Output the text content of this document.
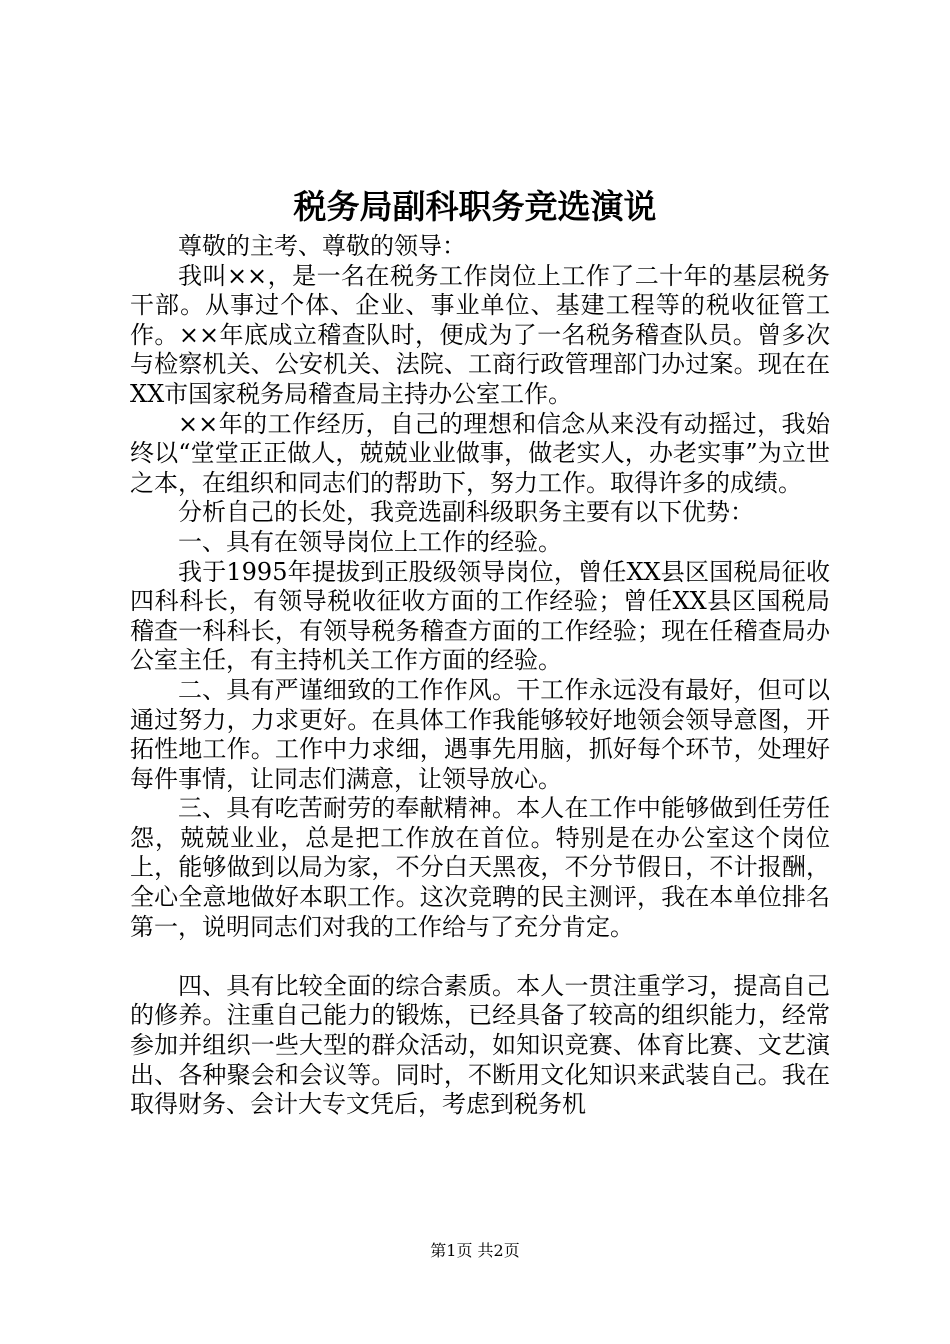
税务局副科职务竞选演说

尊敬的主考、尊敬的领导：

我叫××，是一名在税务工作岗位上工作了二十年的基层税务干部。从事过个体、企业、事业单位、基建工程等的税收征管工作。××年底成立稽查队时，便成为了一名税务稽查队员。曾多次与检察机关、公安机关、法院、工商行政管理部门办过案。现在在XX市国家税务局稽查局主持办公室工作。

××年的工作经历，自己的理想和信念从来没有动摇过，我始终以“堂堂正正做人，兢兢业业做事，做老实人，办老实事”为立世之本，在组织和同志们的帮助下，努力工作。取得许多的成绩。

分析自己的长处，我竞选副科级职务主要有以下优势：

一、具有在领导岗位上工作的经验。

我于1995年提拔到正股级领导岗位，曾任XX县区国税局征收四科科长，有领导税收征收方面的工作经验；曾任XX县区国税局稽查一科科长，有领导税务稽查方面的工作经验；现在任稽查局办公室主任，有主持机关工作方面的经验。

二、具有严谨细致的工作作风。干工作永远没有最好，但可以通过努力，力求更好。在具体工作我能够较好地领会领导意图，开拓性地工作。工作中力求细，遇事先用脑，抓好每个环节，处理好每件事情，让同志们满意，让领导放心。

三、具有吃苦耐劳的奉献精神。本人在工作中能够做到任劳任怨，兢兢业业，总是把工作放在首位。特别是在办公室这个岗位上，能够做到以局为家，不分白天黑夜，不分节假日，不计报酬，全心全意地做好本职工作。这次竞聘的民主测评，我在本单位排名第一，说明同志们对我的工作给与了充分肯定。

四、具有比较全面的综合素质。本人一贯注重学习，提高自己的修养。注重自己能力的锻炼，已经具备了较高的组织能力，经常参加并组织一些大型的群众活动，如知识竞赛、体育比赛、文艺演出、各种聚会和会议等。同时，不断用文化知识来武装自己。我在取得财务、会计大专文凭后，考虑到税务机

第1页 共2页
